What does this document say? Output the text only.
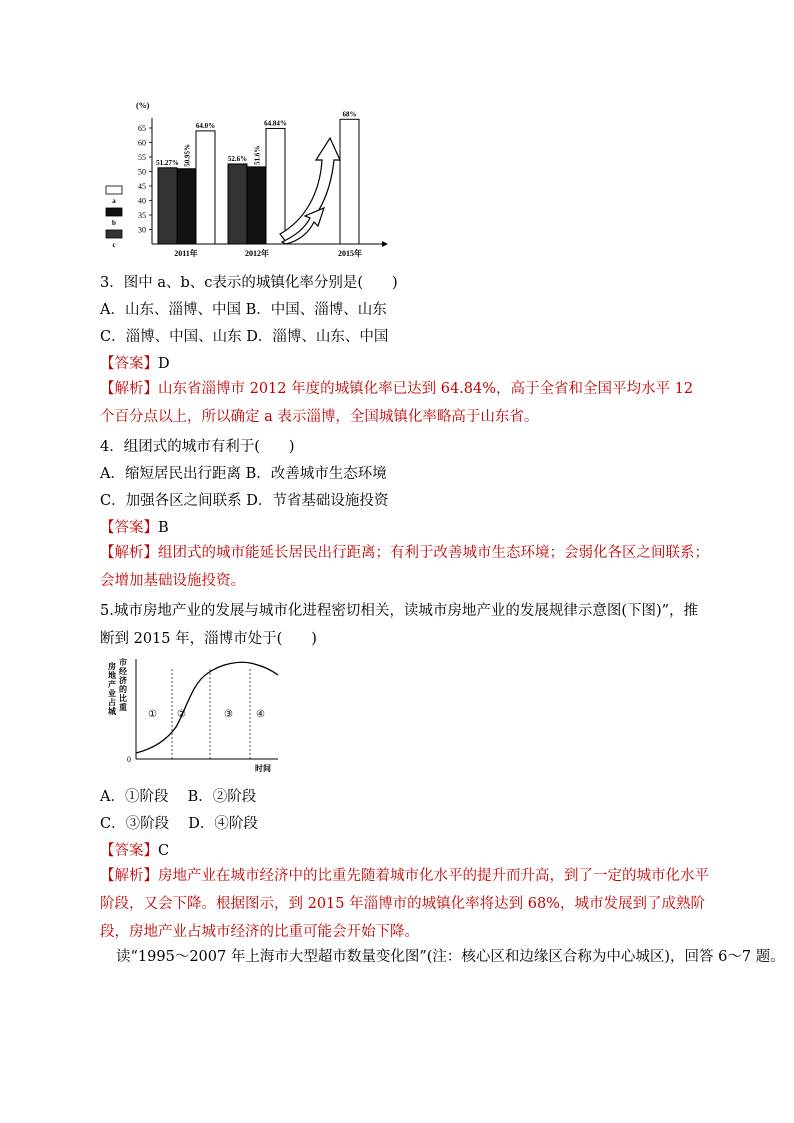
(%)
30
35
40
45
50
55
60
65
51.27% 50.95%
64.0%
52.6% 51.6%
64.84%
68%
2011年	2012年	2015年
a
b
c
3．图中 a、b、c表示的城镇化率分别是(　　)
A．山东、淄博、中国 B．中国、淄博、山东
C．淄博、中国、山东 D．淄博、山东、中国
【答案】D
【解析】山东省淄博市 2012 年度的城镇化率已达到 64.84%，高于全省和全国平均水平 12 个百分点以上，所以确定 a 表示淄博，全国城镇化率略高于山东省。
4．组团式的城市有利于(　　)
A．缩短居民出行距离 B．改善城市生态环境
C．加强各区之间联系 D．节省基础设施投资
【答案】B
【解析】组团式的城市能延长居民出行距离；有利于改善城市生态环境；会弱化各区之间联系；会增加基础设施投资。
5.城市房地产业的发展与城市化进程密切相关，读城市房地产业的发展规律示意图(下图)”，推断到 2015 年，淄博市处于(　　)
房
地
产
业
占
城
市
经
济
的
比
重
0
时间
① ②	③ ④
A．①阶段　 B．②阶段
C．③阶段　 D．④阶段
【答案】C
【解析】房地产业在城市经济中的比重先随着城市化水平的提升而升高，到了一定的城市化水平阶段，又会下降。根据图示，到 2015 年淄博市的城镇化率将达到 68%，城市发展到了成熟阶段，房地产业占城市经济的比重可能会开始下降。
读“1995～2007 年上海市大型超市数量变化图”(注：核心区和边缘区合称为中心城区)，回答 6～7 题。
